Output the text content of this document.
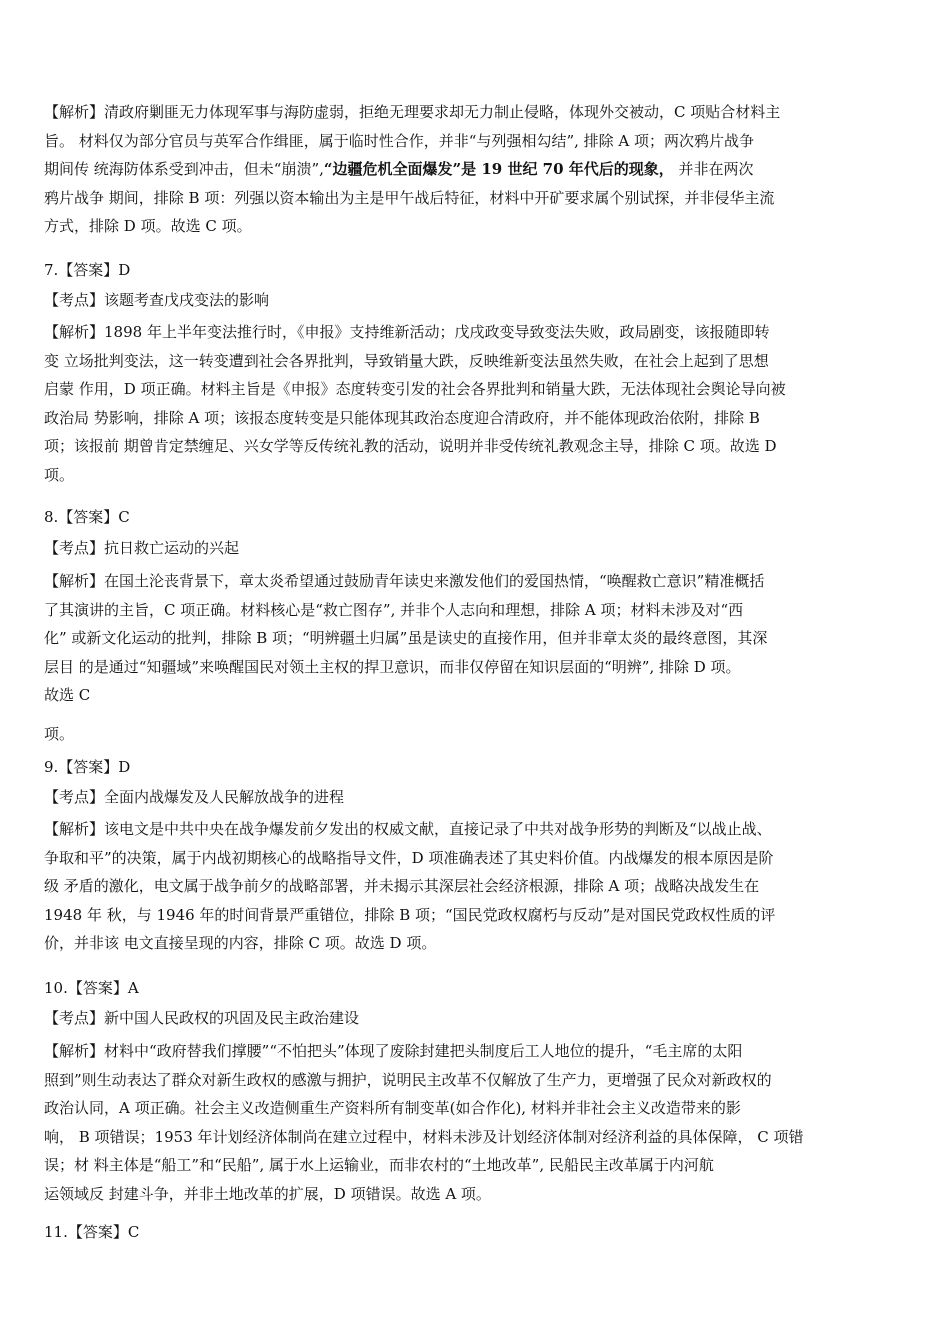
【解析】清政府剿匪无力体现军事与海防虚弱，拒绝无理要求却无力制止侵略，体现外交被动，C 项贴合材料主
旨。 材料仅为部分官员与英军合作缉匪，属于临时性合作，并非“与列强相勾结”, 排除 A 项；两次鸦片战争
期间传 统海防体系受到冲击，但未“崩溃”,“边疆危机全面爆发”是 19 世纪 70 年代后的现象， 并非在两次
鸦片战争 期间，排除 B 项：列强以资本输出为主是甲午战后特征，材料中开矿要求属个别试探，并非侵华主流
方式，排除 D 项。故选 C 项。
7.【答案】D
【考点】该题考查戊戌变法的影响
【解析】1898 年上半年变法推行时，《申报》支持维新活动；戊戌政变导致变法失败，政局剧变，该报随即转
变 立场批判变法，这一转变遭到社会各界批判，导致销量大跌，反映维新变法虽然失败，在社会上起到了思想
启蒙 作用，D 项正确。材料主旨是《申报》态度转变引发的社会各界批判和销量大跌，无法体现社会舆论导向被
政治局 势影响，排除 A 项；该报态度转变是只能体现其政治态度迎合清政府，并不能体现政治依附，排除 B
项；该报前 期曾肯定禁缠足、兴女学等反传统礼教的活动，说明并非受传统礼教观念主导，排除 C 项。故选 D
项。
8.【答案】C
【考点】抗日救亡运动的兴起
【解析】在国土沦丧背景下，章太炎希望通过鼓励青年读史来激发他们的爱国热情，“唤醒救亡意识”精准概括
了其演讲的主旨，C 项正确。材料核心是“救亡图存”, 并非个人志向和理想，排除 A 项；材料未涉及对“西
化” 或新文化运动的批判，排除 B 项；“明辨疆土归属”虽是读史的直接作用，但并非章太炎的最终意图，其深
层目 的是通过“知疆域”来唤醒国民对领土主权的捍卫意识，而非仅停留在知识层面的“明辨”, 排除 D 项。
故选 C
项。
9.【答案】D
【考点】全面内战爆发及人民解放战争的进程
【解析】该电文是中共中央在战争爆发前夕发出的权威文献，直接记录了中共对战争形势的判断及“以战止战、
争取和平”的决策，属于内战初期核心的战略指导文件，D 项准确表述了其史料价值。内战爆发的根本原因是阶
级 矛盾的激化，电文属于战争前夕的战略部署，并未揭示其深层社会经济根源，排除 A 项；战略决战发生在
1948 年 秋，与 1946 年的时间背景严重错位，排除 B 项；“国民党政权腐朽与反动”是对国民党政权性质的评
价，并非该 电文直接呈现的内容，排除 C 项。故选 D 项。
10.【答案】A
【考点】新中国人民政权的巩固及民主政治建设
【解析】材料中“政府替我们撑腰”“不怕把头”体现了废除封建把头制度后工人地位的提升，“毛主席的太阳
照到”则生动表达了群众对新生政权的感激与拥护，说明民主改革不仅解放了生产力，更增强了民众对新政权的
政治认同，A 项正确。社会主义改造侧重生产资料所有制变革(如合作化), 材料并非社会主义改造带来的影
响， B 项错误；1953 年计划经济体制尚在建立过程中，材料未涉及计划经济体制对经济利益的具体保障， C 项错
误；材 料主体是“船工”和“民船”, 属于水上运输业，而非农村的“土地改革”, 民船民主改革属于内河航
运领域反 封建斗争，并非土地改革的扩展，D 项错误。故选 A 项。
11.【答案】C
